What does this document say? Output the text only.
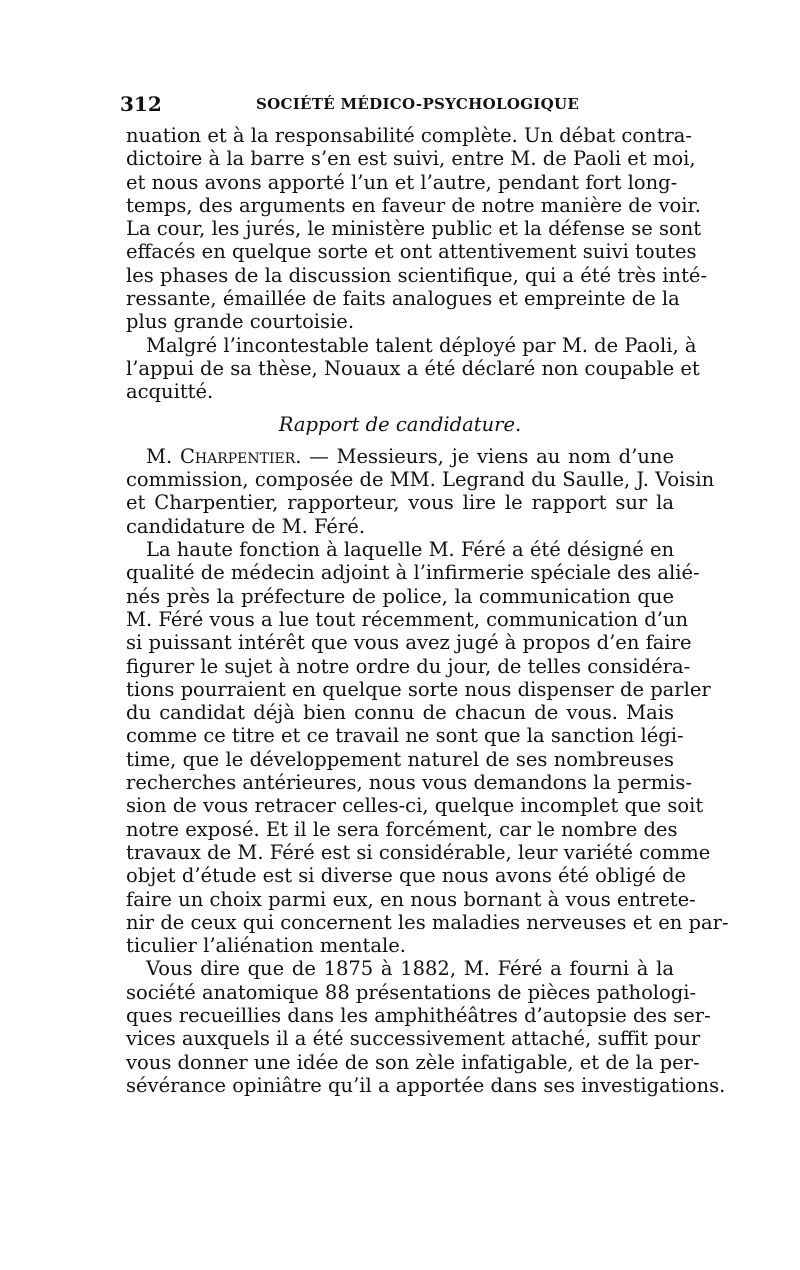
312	SOCIÉTÉ MÉDICO-PSYCHOLOGIQUE
nuation et à la responsabilité complète. Un débat contra-
dictoire à la barre s’en est suivi, entre M. de Paoli et moi,
et nous avons apporté l’un et l’autre, pendant fort long-
temps, des arguments en faveur de notre manière de voir.
La cour, les jurés, le ministère public et la défense se sont
effacés en quelque sorte et ont attentivement suivi toutes
les phases de la discussion scientifique, qui a été très inté-
ressante, émaillée de faits analogues et empreinte de la
plus grande courtoisie.
Malgré l’incontestable talent déployé par M. de Paoli, à
l’appui de sa thèse, Nouaux a été déclaré non coupable et
acquitté.
Rapport de candidature.
M. Charpentier. — Messieurs, je viens au nom d’une
commission, composée de MM. Legrand du Saulle, J. Voisin
et Charpentier, rapporteur, vous lire le rapport sur la
candidature de M. Féré.
La haute fonction à laquelle M. Féré a été désigné en
qualité de médecin adjoint à l’infirmerie spéciale des alié-
nés près la préfecture de police, la communication que
M. Féré vous a lue tout récemment, communication d’un
si puissant intérêt que vous avez jugé à propos d’en faire
figurer le sujet à notre ordre du jour, de telles considéra-
tions pourraient en quelque sorte nous dispenser de parler
du candidat déjà bien connu de chacun de vous. Mais
comme ce titre et ce travail ne sont que la sanction légi-
time, que le développement naturel de ses nombreuses
recherches antérieures, nous vous demandons la permis-
sion de vous retracer celles-ci, quelque incomplet que soit
notre exposé. Et il le sera forcément, car le nombre des
travaux de M. Féré est si considérable, leur variété comme
objet d’étude est si diverse que nous avons été obligé de
faire un choix parmi eux, en nous bornant à vous entrete-
nir de ceux qui concernent les maladies nerveuses et en par-
ticulier l’aliénation mentale.
Vous dire que de 1875 à 1882, M. Féré a fourni à la
société anatomique 88 présentations de pièces pathologi-
ques recueillies dans les amphithéâtres d’autopsie des ser-
vices auxquels il a été successivement attaché, suffit pour
vous donner une idée de son zèle infatigable, et de la per-
sévérance opiniâtre qu’il a apportée dans ses investigations.
